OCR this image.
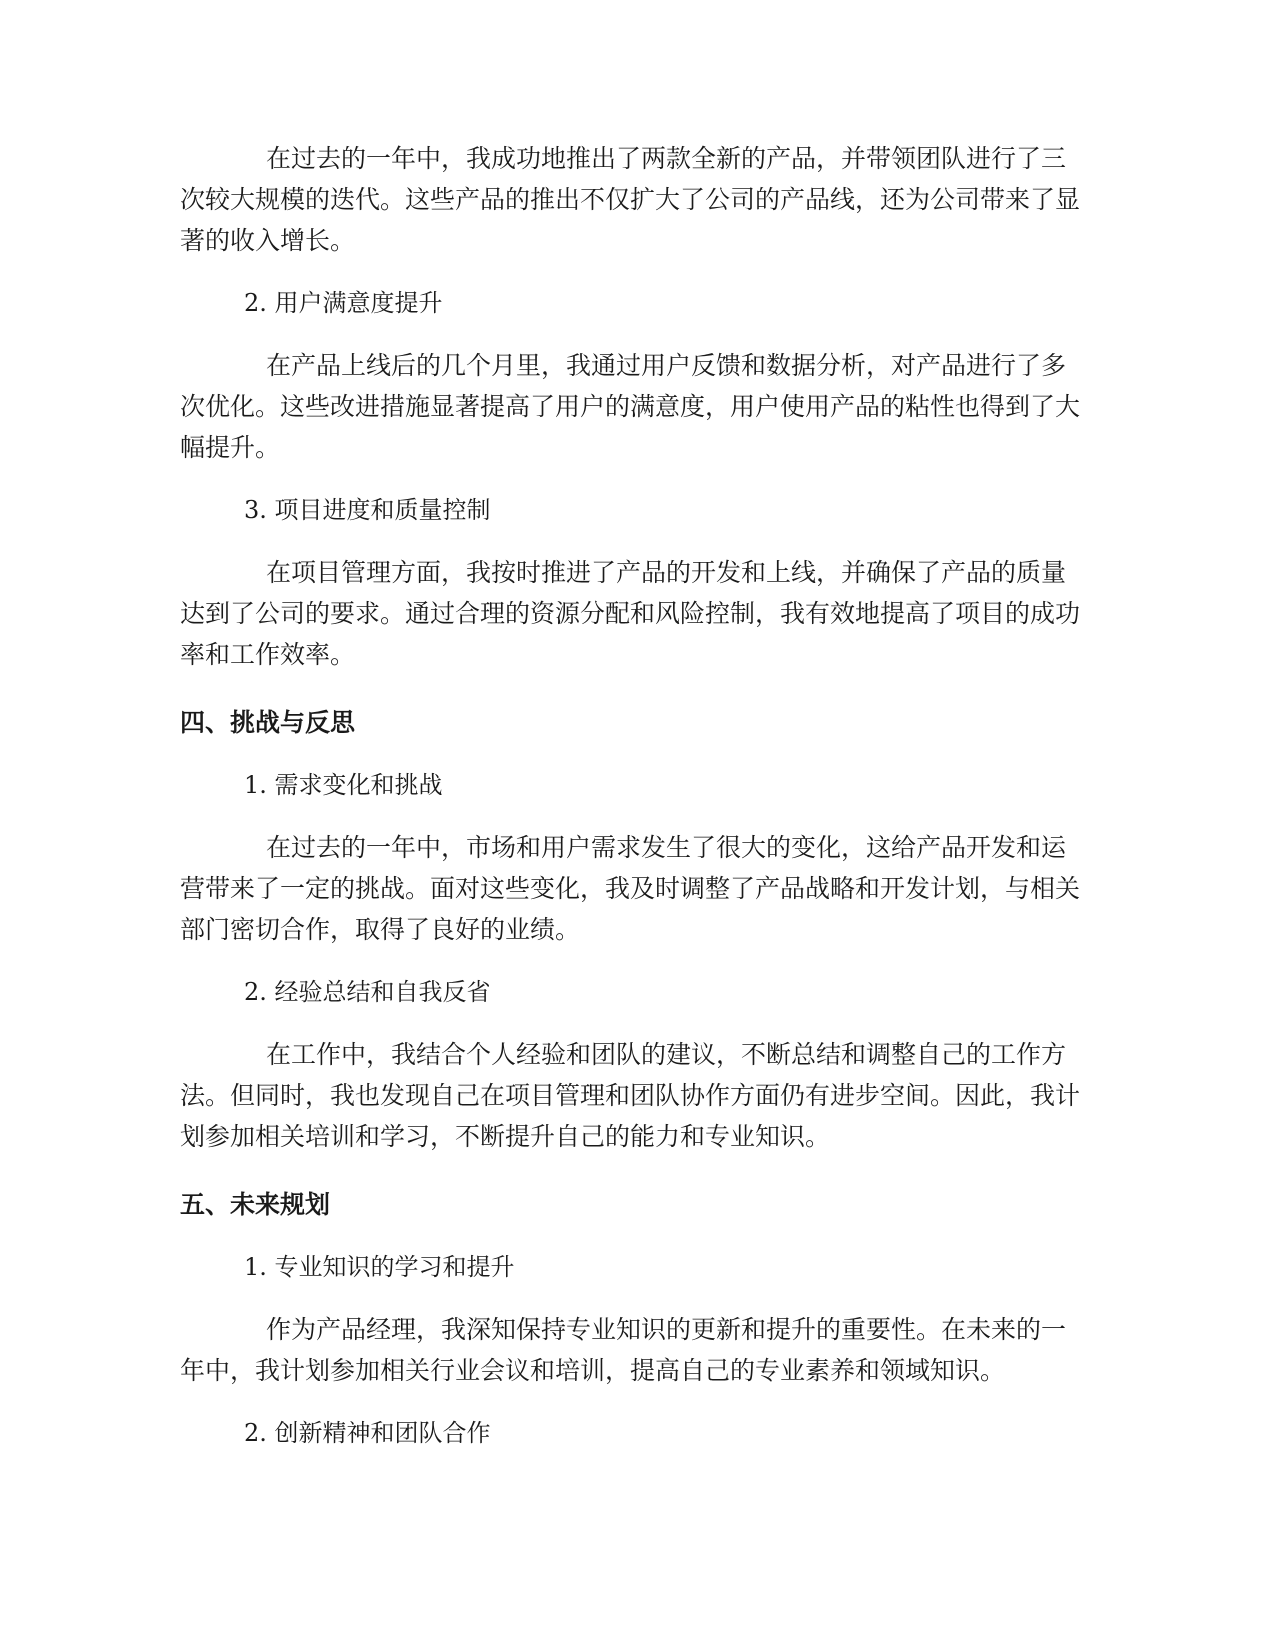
在过去的一年中，我成功地推出了两款全新的产品，并带领团队进行了三次较大规模的迭代。这些产品的推出不仅扩大了公司的产品线，还为公司带来了显著的收入增长。

2. 用户满意度提升

在产品上线后的几个月里，我通过用户反馈和数据分析，对产品进行了多次优化。这些改进措施显著提高了用户的满意度，用户使用产品的粘性也得到了大幅提升。

3. 项目进度和质量控制

在项目管理方面，我按时推进了产品的开发和上线，并确保了产品的质量达到了公司的要求。通过合理的资源分配和风险控制，我有效地提高了项目的成功率和工作效率。

四、挑战与反思
1. 需求变化和挑战

在过去的一年中，市场和用户需求发生了很大的变化，这给产品开发和运营带来了一定的挑战。面对这些变化，我及时调整了产品战略和开发计划，与相关部门密切合作，取得了良好的业绩。

2. 经验总结和自我反省

在工作中，我结合个人经验和团队的建议，不断总结和调整自己的工作方法。但同时，我也发现自己在项目管理和团队协作方面仍有进步空间。因此，我计划参加相关培训和学习，不断提升自己的能力和专业知识。

五、未来规划
1. 专业知识的学习和提升

作为产品经理，我深知保持专业知识的更新和提升的重要性。在未来的一年中，我计划参加相关行业会议和培训，提高自己的专业素养和领域知识。

2. 创新精神和团队合作
